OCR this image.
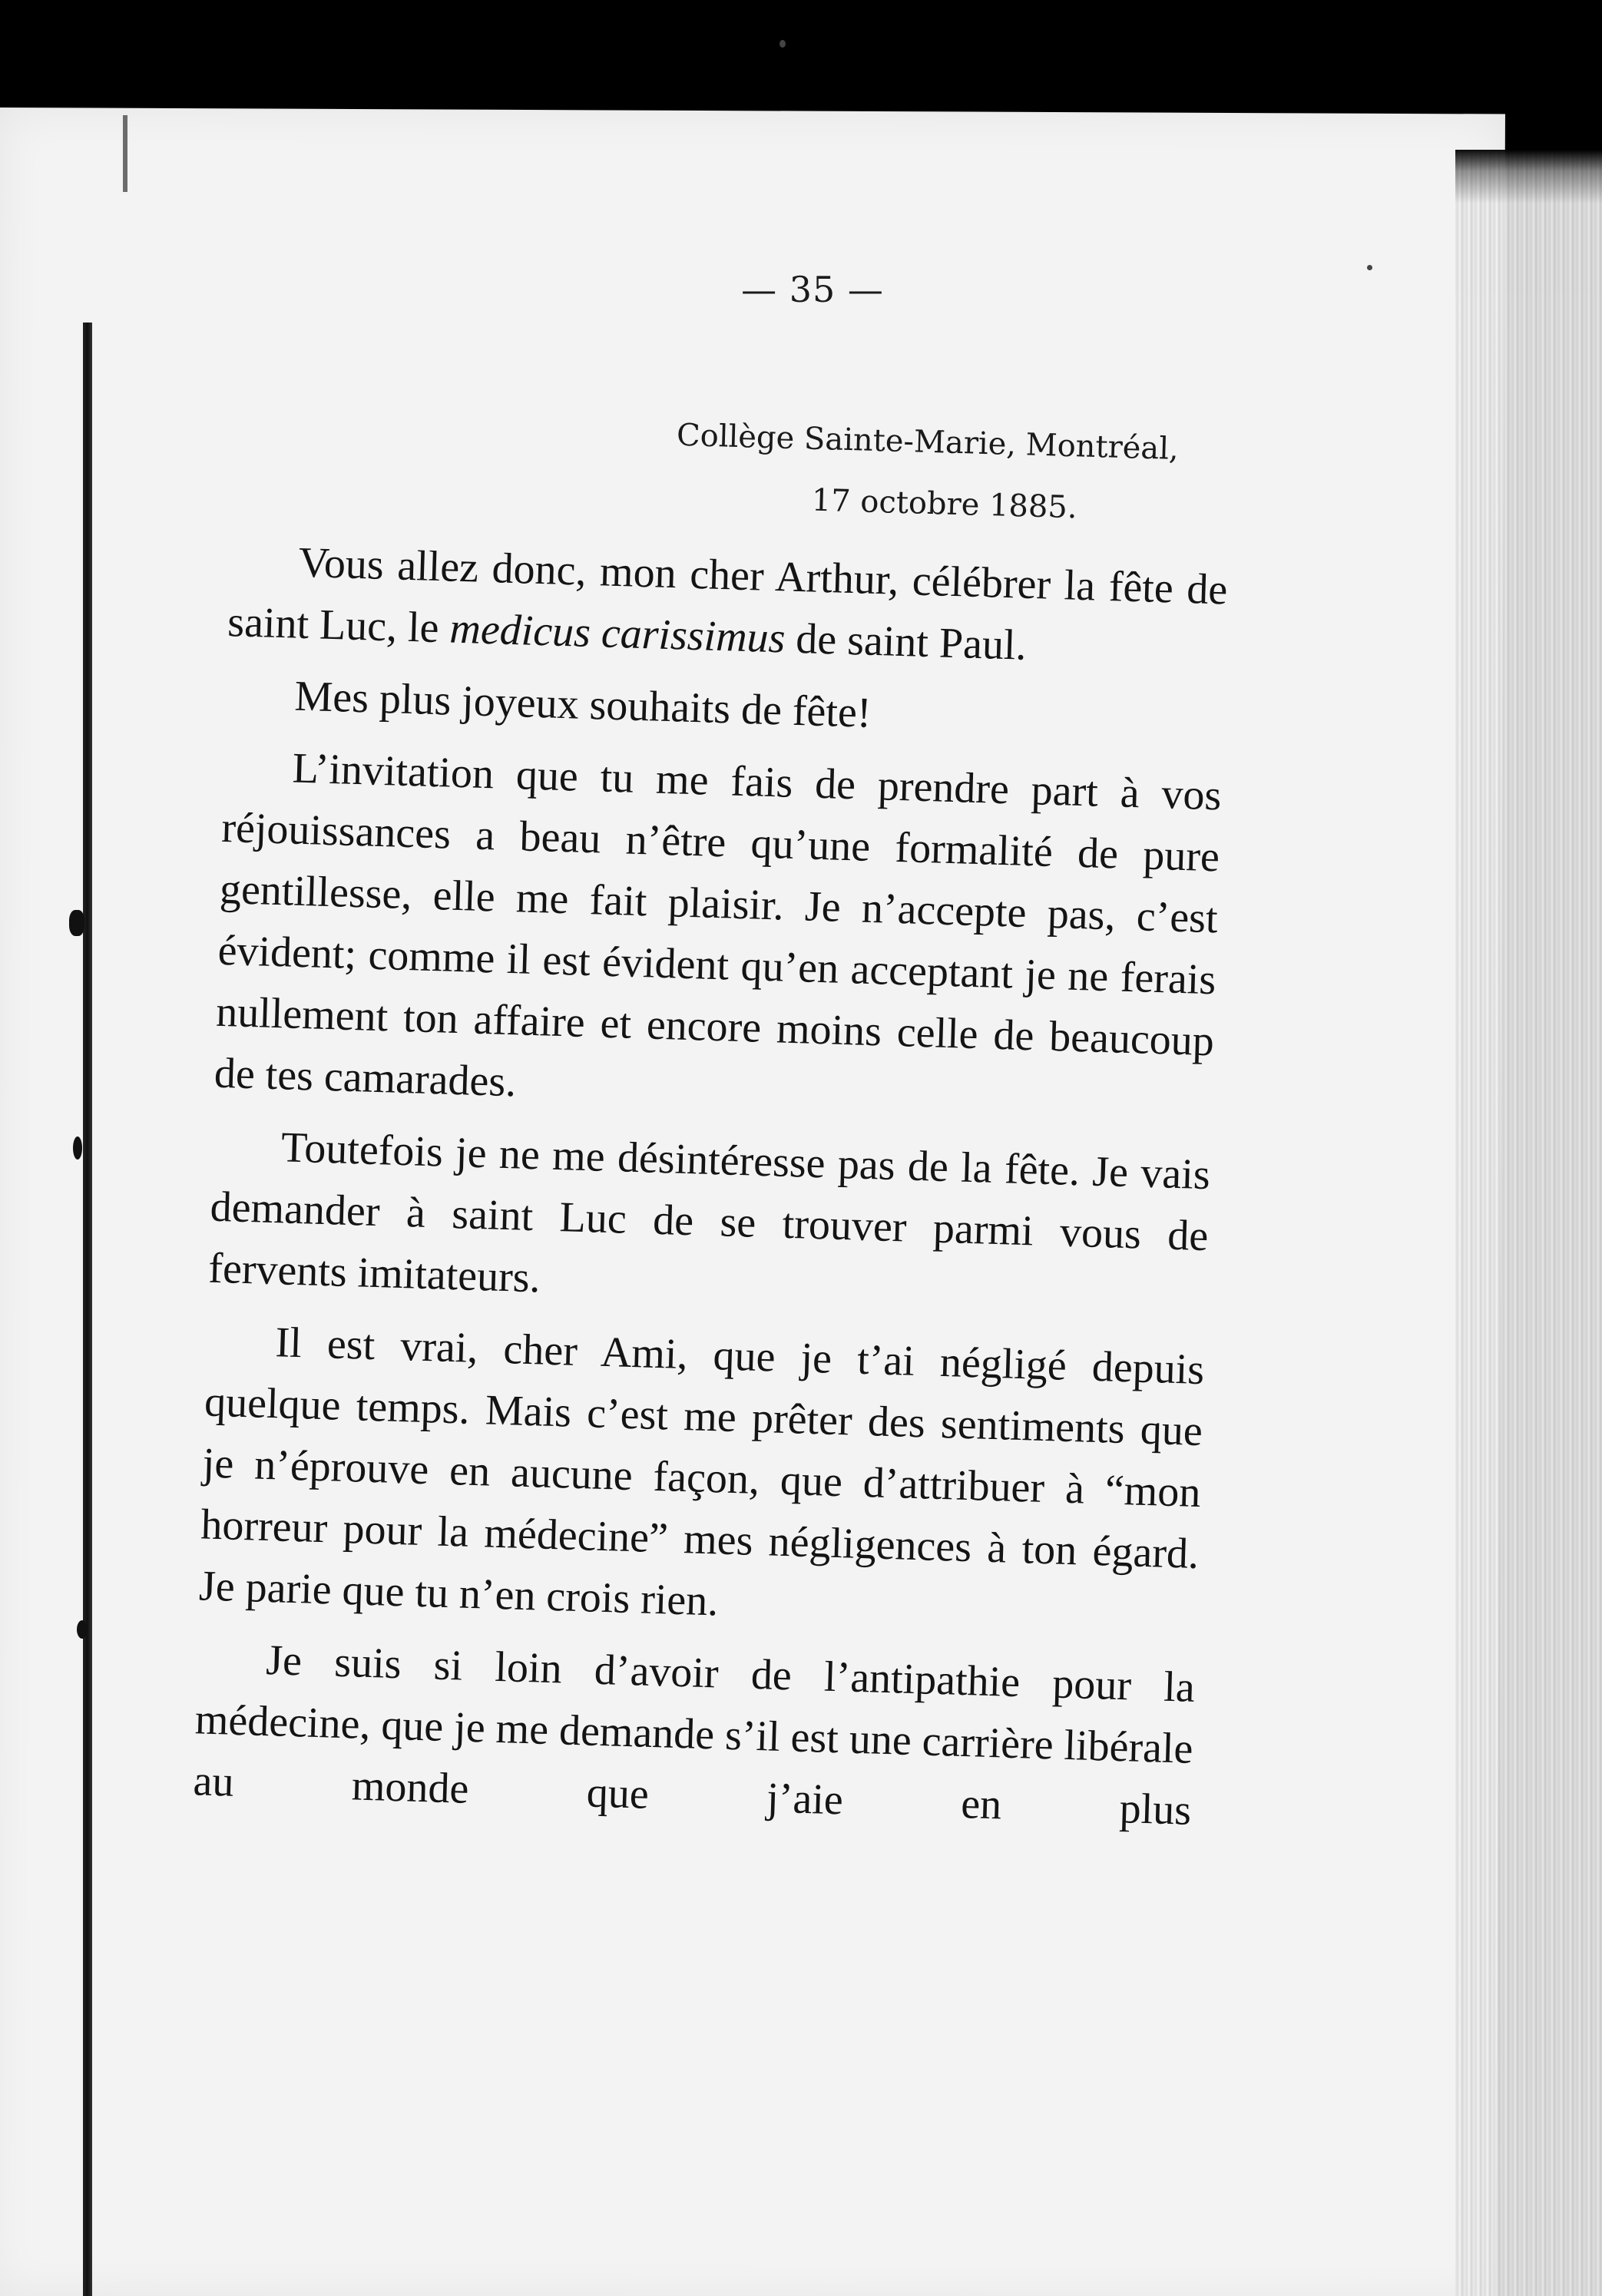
— 35 —
Collège Sainte-Marie, Montréal,
17 octobre 1885.

Vous allez donc, mon cher Arthur, célébrer la fête de saint Luc, le medicus carissimus de saint Paul.

Mes plus joyeux souhaits de fête!

L’invitation que tu me fais de prendre part à vos réjouissances a beau n’être qu’une formalité de pure gentillesse, elle me fait plaisir. Je n’accepte pas, c’est évident; comme il est évident qu’en acceptant je ne ferais nullement ton affaire et encore moins celle de beaucoup de tes camarades.

Toutefois je ne me désintéresse pas de la fête. Je vais demander à saint Luc de se trouver parmi vous de fervents imitateurs.

Il est vrai, cher Ami, que je t’ai négligé depuis quelque temps. Mais c’est me prêter des sentiments que je n’éprouve en aucune façon, que d’attribuer à “mon horreur pour la médecine” mes négligences à ton égard. Je parie que tu n’en crois rien.

Je suis si loin d’avoir de l’antipathie pour la médecine, que je me demande s’il est une carrière libérale au monde que j’aie en plus
